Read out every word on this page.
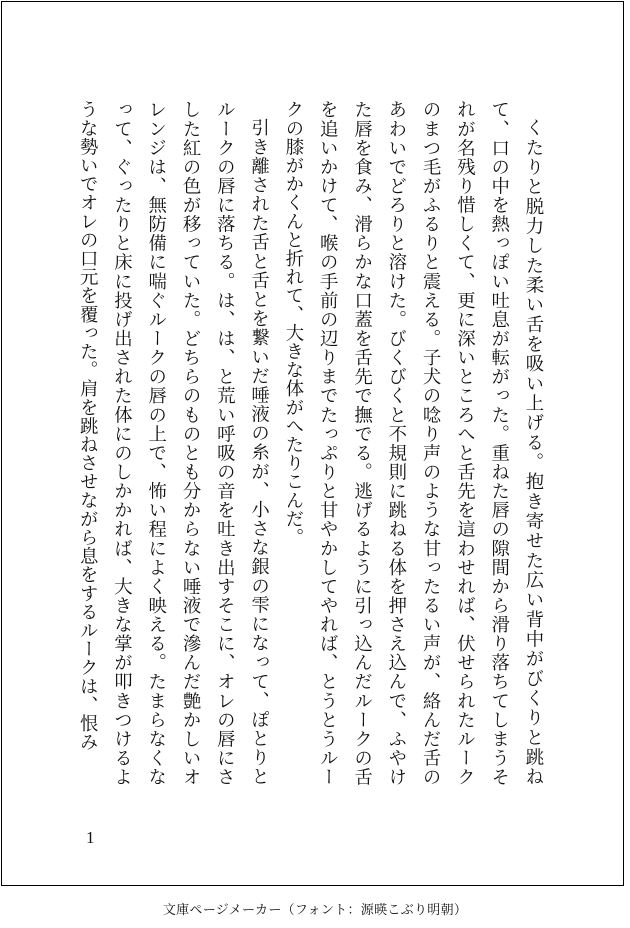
くたりと脱力した柔い舌を吸い上げる。抱き寄せた広い背中がびくりと跳ねて、口の中を熱っぽい吐息が転がった。重ねた唇の隙間から滑り落ちてしまうそれが名残り惜しくて、更に深いところへと舌先を這わせれば、伏せられたルークのまつ毛がふるりと震える。子犬の唸り声のような甘ったるい声が、絡んだ舌のあわいでどろりと溶けた。びくびくと不規則に跳ねる体を押さえ込んで、ふやけた唇を食み、滑らかな口蓋を舌先で撫でる。逃げるように引っ込んだルークの舌を追いかけて、喉の手前の辺りまでたっぷりと甘やかしてやれば、とうとうルークの膝がかくんと折れて、大きな体がへたりこんだ。

引き離された舌と舌とを繋いだ唾液の糸が、小さな銀の雫になって、ぽとりとルークの唇に落ちる。は、は、と荒い呼吸の音を吐き出すそこに、オレの唇にさした紅の色が移っていた。どちらのものとも分からない唾液で滲んだ艶かしいオレンジは、無防備に喘ぐルークの唇の上で、怖い程によく映える。たまらなくなって、ぐったりと床に投げ出された体にのしかかれば、大きな掌が叩きつけるような勢いでオレの口元を覆った。肩を跳ねさせながら息をするルークは、恨み

1
文庫ページメーカー（フォント：源暎こぶり明朝）
